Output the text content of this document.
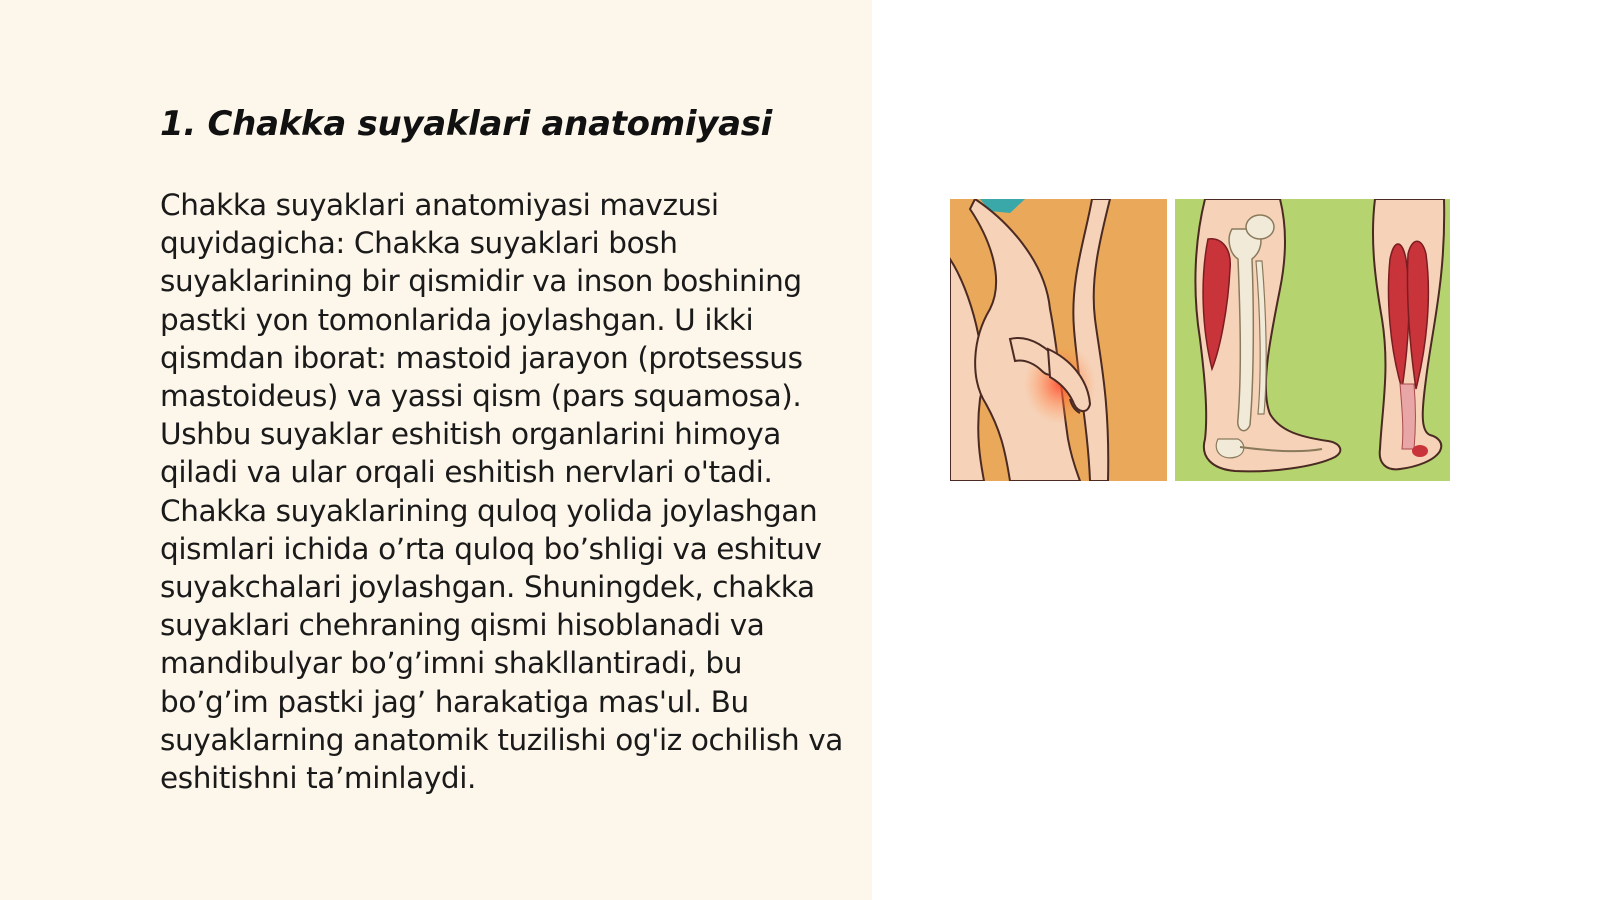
1. Chakka suyaklari anatomiyasi

Chakka suyaklari anatomiyasi mavzusi quyidagicha: Chakka suyaklari bosh suyaklarining bir qismidir va inson boshining pastki yon tomonlarida joylashgan. U ikki qismdan iborat: mastoid jarayon (protsessus mastoideus) va yassi qism (pars squamosa). Ushbu suyaklar eshitish organlarini himoya qiladi va ular orqali eshitish nervlari o'tadi. Chakka suyaklarining quloq yolida joylashgan qismlari ichida o’rta quloq bo’shligi va eshituv suyakchalari joylashgan. Shuningdek, chakka suyaklari chehraning qismi hisoblanadi va mandibulyar bo’g’imni shakllantiradi, bu bo’g’im pastki jag’ harakatiga mas'ul. Bu suyaklarning anatomik tuzilishi og'iz ochilish va eshitishni ta’minlaydi.
